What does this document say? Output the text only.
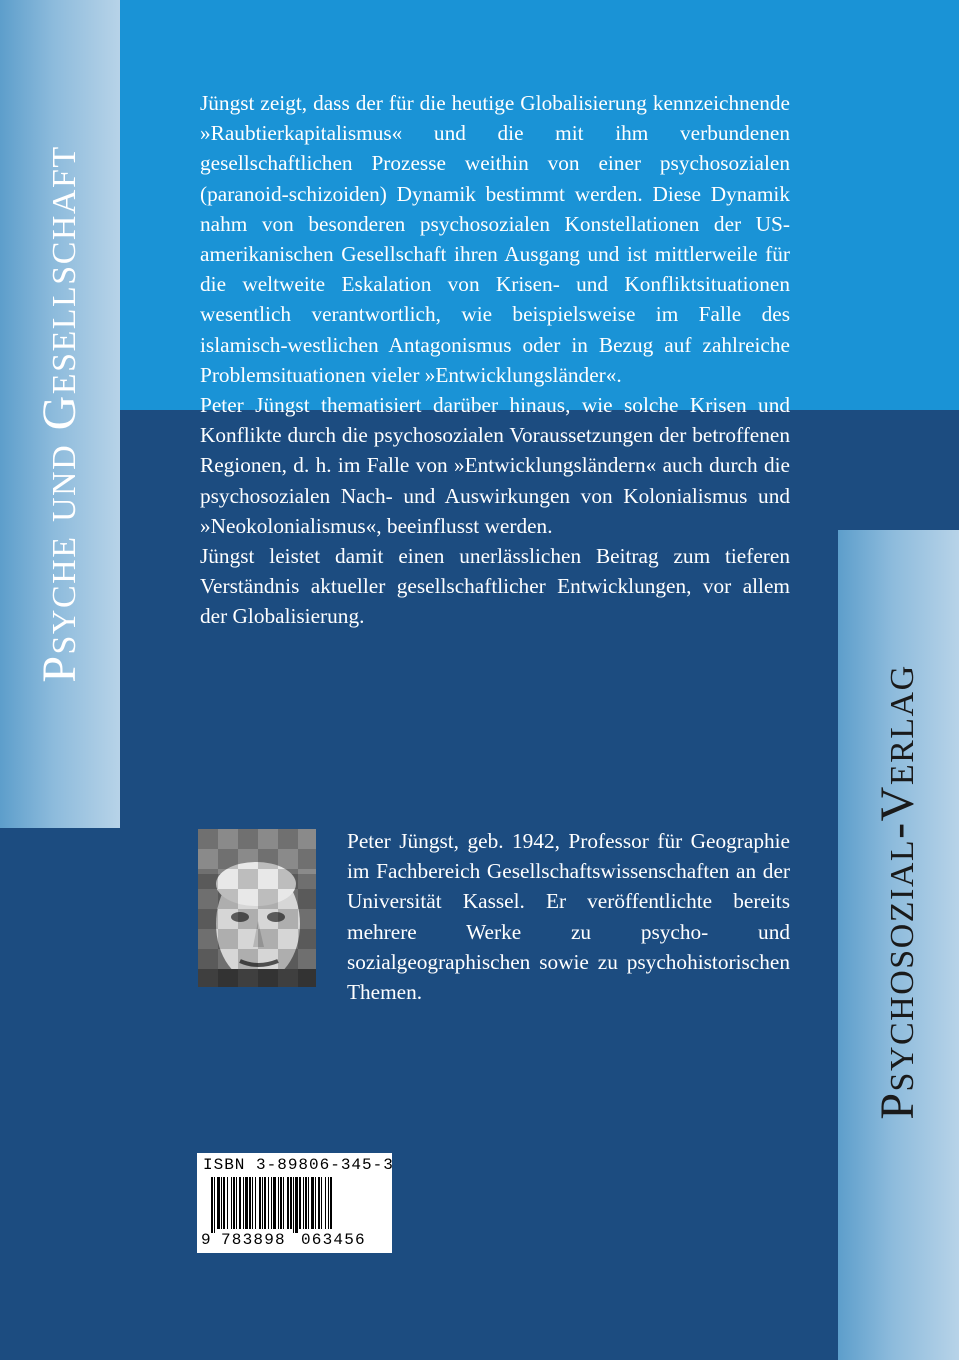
Psyche und Gesellschaft
Psychosozial-Verlag

Jüngst zeigt, dass der für die heutige Globalisierung kennzeichnende »Raubtierkapitalismus« und die mit ihm verbundenen gesellschaftlichen Prozesse weithin von einer psychosozialen (paranoid-schizoiden) Dynamik bestimmt werden. Diese Dynamik nahm von besonderen psychosozialen Konstellationen der US-amerikanischen Gesellschaft ihren Ausgang und ist mittlerweile für die weltweite Eskalation von Krisen- und Konfliktsituationen wesentlich verantwortlich, wie beispielsweise im Falle des islamisch-westlichen Antagonismus oder in Bezug auf zahlreiche Problemsituationen vieler »Entwicklungsländer«.

Peter Jüngst thematisiert darüber hinaus, wie solche Krisen und Konflikte durch die psychosozialen Voraussetzungen der betroffenen Regionen, d. h. im Falle von »Entwicklungsländern« auch durch die psychosozialen Nach- und Auswirkungen von Kolonialismus und »Neokolonialismus«, beeinflusst werden.

Jüngst leistet damit einen unerlässlichen Beitrag zum tieferen Verständnis aktueller gesellschaftlicher Entwicklungen, vor allem der Globalisierung.

Peter Jüngst, geb. 1942, Professor für Geographie im Fachbereich Gesellschaftswissenschaften an der Universität Kassel. Er veröffentlichte bereits mehrere Werke zu psycho- und sozialgeographischen sowie zu psychohistorischen Themen.
ISBN 3-89806-345-3
9 783898 063456
